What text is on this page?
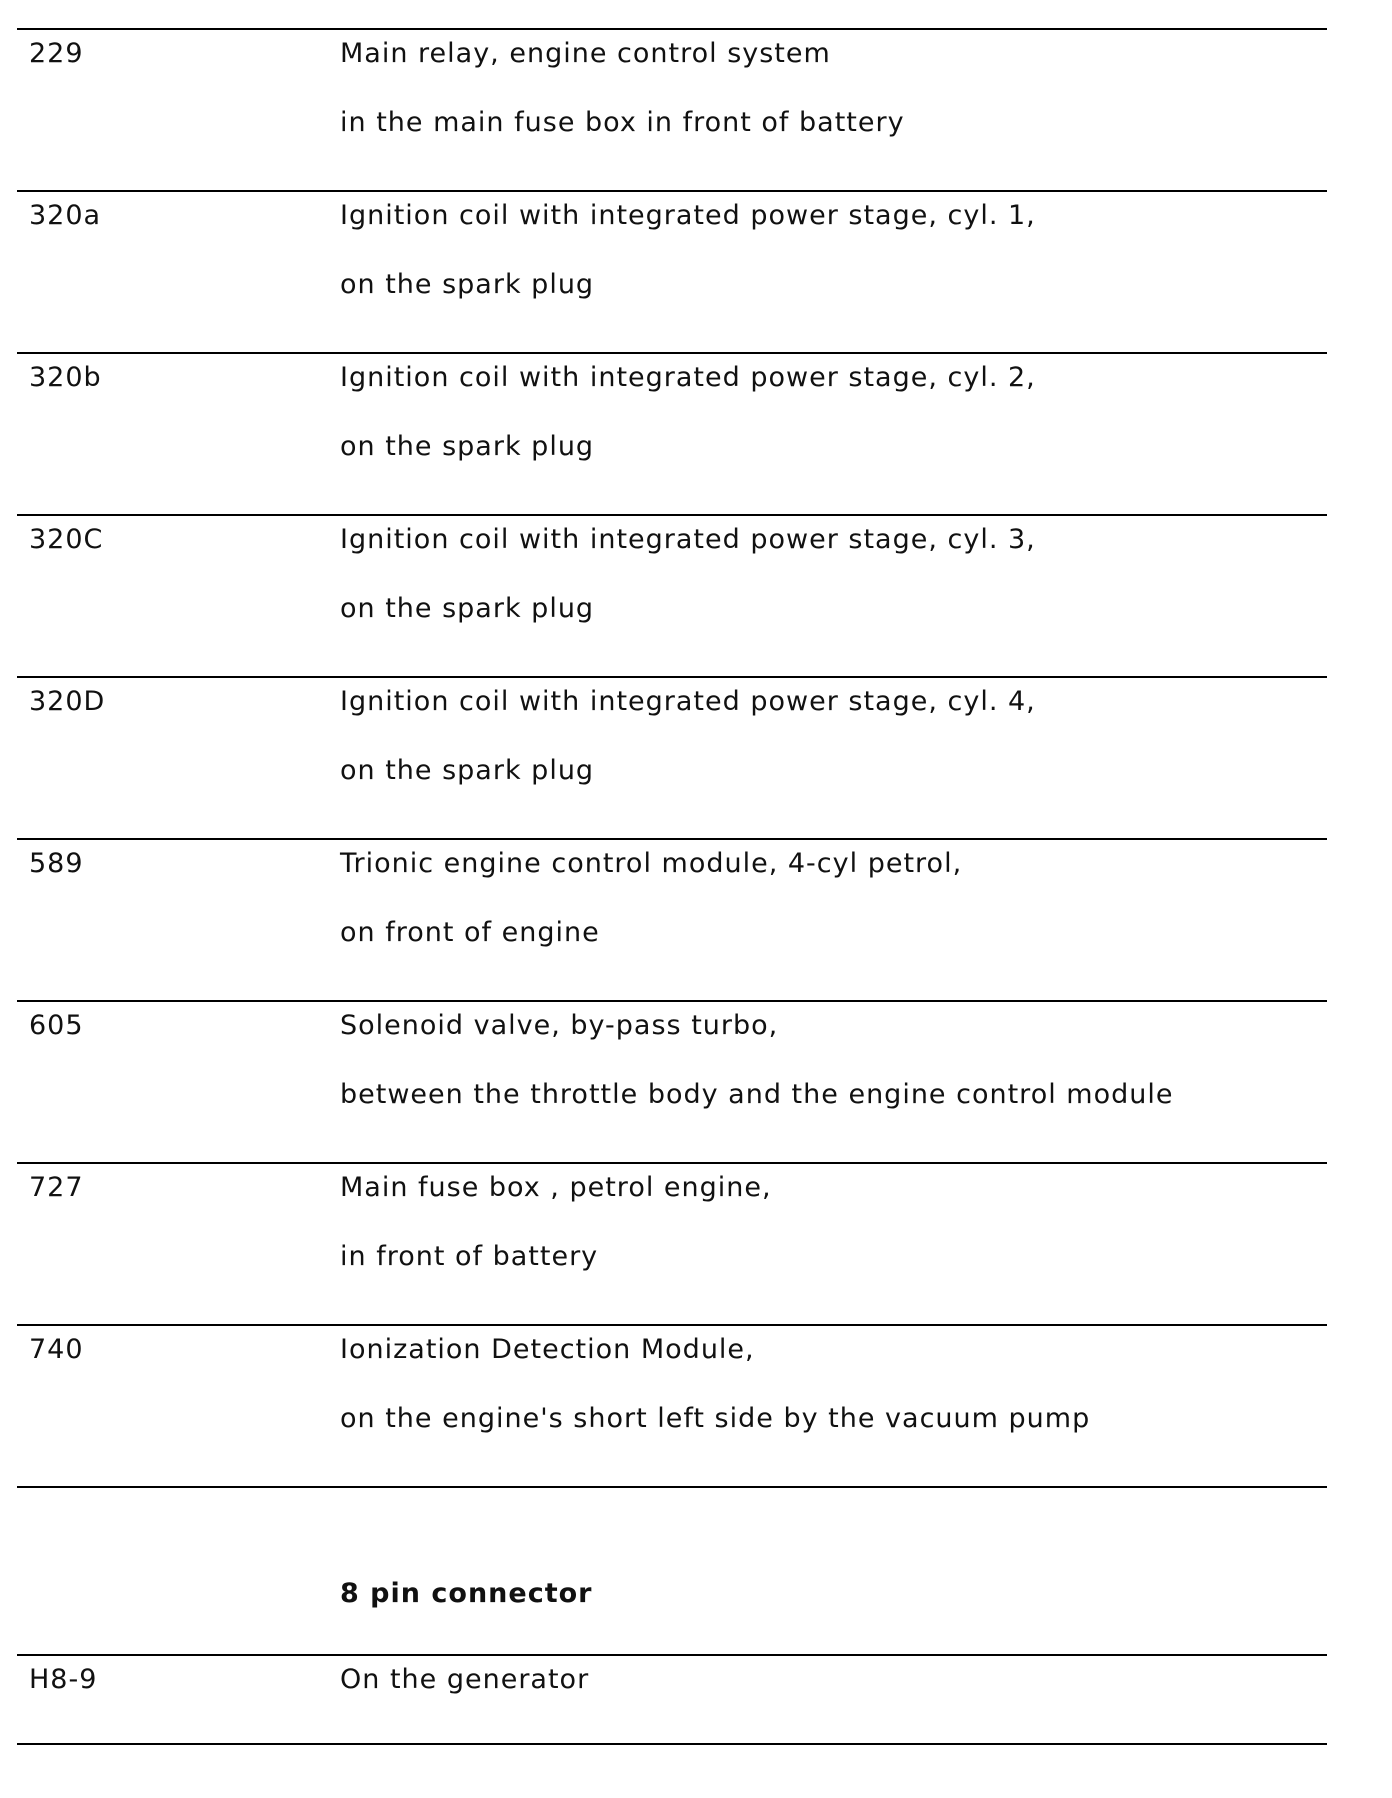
229	Main relay, engine control system
in the main fuse box in front of battery
320a	Ignition coil with integrated power stage, cyl. 1,
on the spark plug
320b	Ignition coil with integrated power stage, cyl. 2,
on the spark plug
320C	Ignition coil with integrated power stage, cyl. 3,
on the spark plug
320D	Ignition coil with integrated power stage, cyl. 4,
on the spark plug
589	Trionic engine control module, 4-cyl petrol,
on front of engine
605	Solenoid valve, by-pass turbo,
between the throttle body and the engine control module
727	Main fuse box , petrol engine,
in front of battery
740	Ionization Detection Module,
on the engine's short left side by the vacuum pump
8 pin connector
H8-9	On the generator
